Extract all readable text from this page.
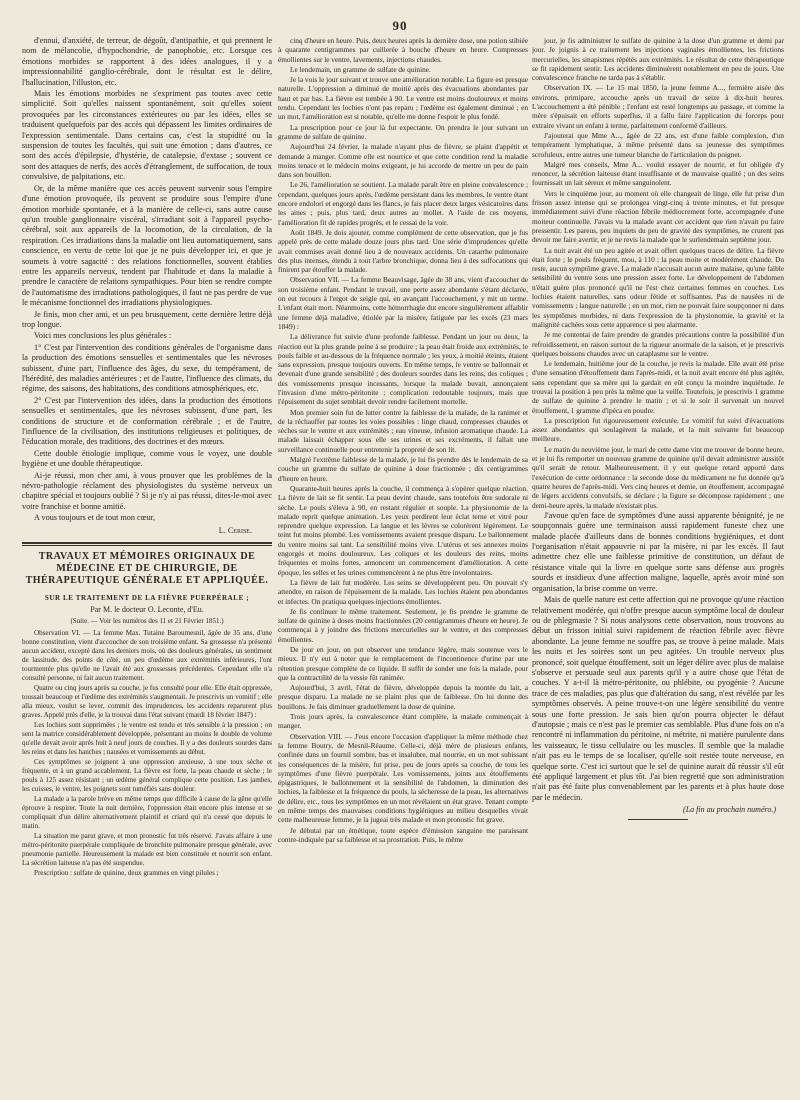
90

d'ennui, d'anxiété, de terreur, de dégoût, d'antipathie, et qui prennent le nom de mélancolie, d'hypochondrie, de panophobie, etc. Lorsque ces émotions morbides se rapportent à des idées analogues, il y a impressionnabilité ganglio-cérébrale, dont le résultat est le délire, l'hallucination, l'illusion, etc.

Mais les émotions morbides ne s'expriment pas toutes avec cette simplicité. Soit qu'elles naissent spontanément, soit qu'elles soient provoquées par les circonstances extérieures ou par les idées, elles se traduisent quelquefois par des accès qui dépassent les limites ordinaires de l'expression sentimentale. Dans certains cas, c'est la stupidité ou la suspension de toutes les facultés, qui suit une émotion ; dans d'autres, ce sont des accès d'épilepsie, d'hystérie, de catalepsie, d'extase ; souvent ce sont des attaques de nerfs, des accès d'étranglement, de suffocation, de toux convulsive, de palpitations, etc.

Or, de la même manière que ces accès peuvent survenir sous l'empire d'une émotion provoquée, ils peuvent se produire sous l'empire d'une émotion morbide spontanée, et à la manière de celle-ci, sans autre cause qu'un trouble ganglionnaire viscéral, s'irradiant soit à l'appareil psycho-cérébral, soit aux appareils de la locomotion, de la circulation, de la respiration. Ces irradiations dans la maladie ont lieu automatiquement, sans conscience, en vertu de cette loi que je ne puis développer ici, et que je soumets à votre sagacité : des relations fonctionnelles, souvent établies entre les appareils nerveux, tendent par l'habitude et dans la maladie à prendre le caractère de relations sympathiques. Pour bien se rendre compte de l'automatisme des irradiations pathologiques, il faut ne pas perdre de vue le mécanisme fonctionnel des irradiations physiologiques.

Je finis, mon cher ami, et un peu brusquement, cette dernière lettre déjà trop longue.

Voici mes conclusions les plus générales :

1° C'est par l'intervention des conditions générales de l'organisme dans la production des émotions sensuelles et sentimentales que les névroses subissent, d'une part, l'influence des âges, du sexe, du tempérament, de l'hérédité, des maladies antérieures ; et de l'autre, l'influence des climats, du régime, des saisons, des habitations, des conditions atmosphériques, etc.

2° C'est par l'intervention des idées, dans la production des émotions sensuelles et sentimentales, que les névroses subissent, d'une part, les conditions de structure et de conformation cérébrale ; et de l'autre, l'influence de la civilisation, des institutions religieuses et politiques, de l'éducation morale, des traditions, des doctrines et des mœurs.

Cette double étiologie implique, comme vous le voyez, une double hygiène et une double thérapeutique.

Ai-je réussi, mon cher ami, à vous prouver que les problèmes de la névro-pathologie réclament des physiologistes du système nerveux un chapitre spécial et toujours oublié ? Si je n'y ai pas réussi, dites-le-moi avec votre franchise et bonne amitié.

A vous toujours et de tout mon cœur,

L. Cerise.
TRAVAUX ET MÉMOIRES ORIGINAUX DE MÉDECINE ET DE CHIRURGIE, DE THÉRAPEUTIQUE GÉNÉRALE ET APPLIQUÉE.
SUR LE TRAITEMENT DE LA FIÈVRE PUERPÉRALE ;
Par M. le docteur O. Leconte, d'Eu.
(Suite. — Voir les numéros des 11 et 21 Février 1851.)

Observation VI. — La femme Max. Tutaine Baroumesnil, âgée de 35 ans, d'une bonne constitution, vient d'accoucher de son troisième enfant. Sa grossesse n'a présenté aucun accident, excepté dans les derniers mois, où des douleurs générales, un sentiment de lassitude, des points de côté, un peu d'œdème aux extrémités inférieures, l'ont tourmentée plus qu'elle ne l'avait été aux grossesses précédentes. Cependant elle n'a consulté personne, ni fait aucun traitement.

Quatre ou cinq jours après sa couche, je fus consulté pour elle. Elle était oppressée, toussait beaucoup et l'œdème des extrémités s'augmentait. Je prescrivis un vomitif ; elle alla mieux, voulut se lever, commit des imprudences, les accidents reparurent plus graves. Appelé près d'elle, je la trouvai dans l'état suivant (mardi 18 février 1847) :

Les lochies sont supprimées ; le ventre est tendu et très sensible à la pression ; on sent la matrice considérablement développée, présentant au moins le double de volume qu'elle devait avoir après huit à neuf jours de couches. Il y a des douleurs sourdes dans les reins et dans les hanches ; nausées et vomissements au début.

Ces symptômes se joignent à une oppression anxieuse, à une toux sèche et fréquente, et à un grand accablement. La fièvre est forte, la peau chaude et sèche ; le pouls à 125 assez résistant ; un œdème général complique cette position. Les jambes, les cuisses, le ventre, les poignets sont tuméfiés sans douleur.

La malade a la parole brève en même temps que difficile à cause de la gêne qu'elle éprouve à respirer. Toute la nuit dernière, l'oppression était encore plus intense et se compliquait d'un délire alternativement plaintif et criard qui n'a cessé que depuis le matin.

La situation me parut grave, et mon pronostic fut très réservé. J'avais affaire à une métro-péritonite puerpérale compliquée de bronchite pulmonaire presque générale, avec pneumonie partielle. Heureusement la malade est bien constituée et nourrit son enfant. La sécrétion laiteuse n'a pas été suspendue.

Prescription : sulfate de quinine, deux grammes en vingt pilules ;

cinq d'heure en heure. Puis, deux heures après la dernière dose, une potion stibiée à quarante centigrammes par cuillerée à bouche d'heure en heure. Compresses émollientes sur le ventre, lavements, injections chaudes.

Le lendemain, un gramme de sulfate de quinine.

Je la vois le jour suivant et trouve une amélioration notable. La figure est presque naturelle. L'oppression a diminué de moitié après des évacuations abondantes par haut et par bas. La fièvre est tombée à 90. Le ventre est moins douloureux et moins tendu. Cependant les lochies n'ont pas reparu ; l'œdème est également diminué ; en un mot, l'amélioration est si notable, qu'elle me donne l'espoir le plus fondé.

La prescription pour ce jour là fut expectante. On prendra le jour suivant un gramme de sulfate de quinine.

Aujourd'hui 24 février, la malade n'ayant plus de fièvre, se plaint d'appétit et demande à manger. Comme elle est nourrice et que cette condition rend la maladie moins tenace et le médecin moins exigeant, je lui accorde de mettre un peu de pain dans son bouillon.

Le 26, l'amélioration se soutient. La malade paraît être en pleine convalescence ; cependant, quelques jours après, l'œdème persistant dans les membres, le ventre étant encore endolori et engorgé dans les flancs, je fais placer deux larges vésicatoires dans les aines ; puis, plus tard, deux autres au mollet. A l'aide de ces moyens, l'amélioration fit de rapides progrès, et le cessai de la voir.

Août 1849. Je dois ajouter, comme complément de cette observation, que je fus appelé près de cette malade douze jours plus tard. Une série d'imprudences qu'elle avait commises avait donné lieu à de nouveaux accidents. Un catarrhe pulmonaire des plus intenses, étendu à tout l'arbre bronchique, donna lieu à des suffocations qui finirent par étouffer la malade.

Observation VII. — La femme Beauvisage, âgée de 38 ans, vient d'accoucher de son troisième enfant. Pendant le travail, une perte assez abondante s'étant déclarée, on eut recours à l'ergot de seigle qui, en avançant l'accouchement, y mit un terme. L'enfant était mort. Néanmoins, cette hémorrhagie dut encore singulièrement affaiblir une femme déjà maladive, étiolée par la misère, fatiguée par les excès (23 mars 1849) :

La délivrance fut suivie d'une profonde faiblesse. Pendant un jour ou deux, la réaction eut la plus grande peine à se produire ; la peau était froide aux extrémités, le pouls faible et au-dessous de la fréquence normale ; les yeux, à moitié éteints, étaient sans expression, presque toujours ouverts. En même temps, le ventre se ballonnait et devenait d'une grande sensibilité ; des douleurs sourdes dans les reins, des coliques ; des vomissements presque incessants, lorsque la malade buvait, annonçaient l'invasion d'une métro-péritonite ; complication redoutable toujours, mais que l'épuisement du sujet semblait devoir rendre facilement mortelle.

Mon premier soin fut de lutter contre la faiblesse de la malade, de la ranimer et de la réchauffer par toutes les voies possibles : linge chaud, compresses chaudes et sèches sur le ventre et aux extrémités ; eau vineuse, infusion aromatique chaude. La malade laissait échapper sous elle ses urines et ses excréments, il fallait une surveillance continuelle pour entretenir la propreté de son lit.

Malgré l'extrême faiblesse de la malade, je lui fis prendre dès le lendemain de sa couche un gramme du sulfate de quinine à dose fractionnée ; dix centigrammes d'heure en heure.

Quarante-huit heures après la couche, il commença à s'opérer quelque réaction. La fièvre de lait se fit sentir. La peau devint chaude, sans toutefois être sudorale ni sèche. Le pouls s'éleva à 90, en restant régulier et souple. La physionomie de la malade reprit quelque animation. Les yeux perdirent leur éclat terne et vitré pour reprendre quelque expression. La langue et les lèvres se colorèrent légèrement. Le teint fut moins plombé. Les vomissements avaient presque disparu. Le ballonnement du ventre moins sai tant. La sensibilité moins vive. L'utérus et ses annexes moins engorgés et moins douloureux. Les coliques et les douleurs des reins, moins fréquentes et moins fortes, annoncent un commencement d'amélioration. A cette époque, les selles et les urines commencèrent à ne plus être involontaires.

La fièvre de lait fut modérée. Les seins se développèrent peu. On pouvait s'y attendre, en raison de l'épuisement de la malade. Les lochies étaient peu abondantes et infectes. On pratiqua quelques injections émollientes.

Je fis continuer le même traitement. Seulement, je fis prendre le gramme de sulfate de quinine à doses moins fractionnées (20 centigrammes d'heure en heure). Je commençai à y joindre des frictions mercurielles sur le ventre, et des compresses émollientes.

De jour en jour, on put observer une tendance légère, mais soutenue vers le mieux. Il n'y eut à noter que le remplacement de l'incontinence d'urine par une rétention presque complète de ce liquide. Il suffit de sonder une fois la malade, pour que la contractilité de la vessie fût ranimée.

Aujourd'hui, 3 avril, l'état de fièvre, développée depuis la montée du lait, a presque disparu. La malade ne se plaint plus que de faiblesse. On lui donne des bouillons. Je fais diminuer graduellement la dose de quinine.

Trois jours après, la convalescence étant complète, la malade commençait à manger.

Observation VIII. — J'eus encore l'occasion d'appliquer la même méthode chez la femme Boutry, de Mesnil-Réaume. Celle-ci, déjà mère de plusieurs enfants, confinée dans un fournil sombre, bas et insalubre, mal nourrie, en un mot subissant les conséquences de la misère, fut prise, peu de jours après sa couche, de tous les symptômes d'une fièvre puerpérale. Les vomissements, joints aux étouffements épigastriques, le ballonnement et la sensibilité de l'abdomen, la diminution des lochies, la faiblesse et la fréquence du pouls, la sécheresse de la peau, les alternatives de délire, etc., tous les symptômes en un mot révélaient un état grave. Tenant compte en même temps des mauvaises conditions hygiéniques au milieu desquelles vivait cette malheureuse femme, je la jugeai très malade et mon pronostic fut grave.

Je débutai par un émétique, toute espèce d'émission sanguine me paraissant contre-indiquée par sa faiblesse et sa prostration. Puis, le même

jour, je fis administrer le sulfate de quinine à la dose d'un gramme et demi par jour. Je joignis à ce traitement les injections vaginales émollientes, les frictions mercurielles, les sinapismes répétés aux extrémités. Le résultat de cette thérapeutique se fit rapidement sentir. Les accidents diminuèrent notablement en peu de jours. Une convalescence franche ne tarda pas à s'établir.

Observation IX. — Le 15 mai 1850, la jeune femme A..., fermière aisée des environs, primipare, accouche après un travail de seize à dix-huit heures. L'accouchement a été pénible ; l'enfant est resté longtemps au passage, et comme la mère s'épuisait en efforts superflus, il a fallu faire l'application du forceps pour extraire vivant un enfant à terme, parfaitement conformé d'ailleurs.

J'ajouterai que Mme A..., âgée de 22 ans, est d'une faible complexion, d'un tempérament lymphatique, à même présenté dans sa jeunesse des symptômes scrofuleux, entre autres une tumeur blanche de l'articulation du poignet.

Malgré mes conseils, Mme A... voulut essayer de nourrir, et fut obligée d'y renoncer, la sécrétion laiteuse étant insuffisante et de mauvaise qualité ; un des seins fournissait un lait séreux et même sanguinolent.

Vers le cinquième jour, au moment où elle changeait de linge, elle fut prise d'un frisson assez intense qui se prolongea vingt-cinq à trente minutes, et fut presque immédiatement suivi d'une réaction fébrile médiocrement forte, accompagnée d'une moiteur continuelle. J'avais vu la malade avant cet accident que rien n'avait pu faire pressentir. Les pareus, peu inquiets du peu de gravité des symptômes, ne crurent pas devoir me faire avertir, et je ne revis la malade que le surlendemain septième jour.

La nuit avait été un peu agitée et avait offert quelques traces de délire. La fièvre était forte ; le pouls fréquent, mou, à 110 ; la peau moite et modérément chaude. Du reste, aucun symptôme grave. La malade n'accusait aucun autre malaise, qu'une faible sensibilité du ventre sous une pression assez forte. Le développement de l'abdomen n'était guère plus prononcé qu'il ne l'est chez certaines femmes en couches. Les lochies étaient naturelles, sans odeur fétide et suffisantes. Pas de nausées ni de vomissements ; langue naturelle ; en un mot, rien ne pouvait faire soupçonner ni dans les symptômes morbides, ni dans l'expression de la physionomie, la gravité et la malignité cachées sous cette apparence si peu alarmante.

Je me contentai de faire prendre de grandes précautions contre la possibilité d'un refroidissement, en raison surtout de la rigueur anormale de la saison, et je prescrivis quelques boissons chaudes avec un cataplasme sur le ventre.

Le lendemain, huitième jour de la couche, je revis la malade. Elle avait été prise d'une sensation d'étouffement dans l'après-midi, et la nuit avait encore été plus agitée, sans cependant que sa mère qui la gardait en eût conçu la moindre inquiétude. Je trouvai la position à peu près la même que la veille. Toutefois, je prescrivis 1 gramme de sulfate de quinine à prendre le matin ; et si le soir il survenait un nouvel étouffement, 1 gramme d'ipéca en poudre.

La prescription fut rigoureusement exécutée. Le vomitif fut suivi d'évacuations assez abondantes qui soulagèrent la malade, et la nuit suivante fut beaucoup meilleure.

Le matin du neuvième jour, le mari de cette dame vint me trouver de bonne heure, et je lui fis remporter un nouveau gramme de quinine qu'il devait administrer aussitôt qu'il serait de retour. Malheureusement, il y eut quelque retard apporté dans l'exécution de cette ordonnance : la seconde dose du médicament ne fut donnée qu'à quatre heures de l'après-midi. Vers cinq heures et demie, un étouffement, accompagné de légers accidents convulsifs, se déclare ; la figure se décompose rapidement ; une demi-heure après, la malade n'existait plus.

J'avoue qu'en face de symptômes d'une aussi apparente bénignité, je ne soupçonnais guère une terminaison aussi rapidement funeste chez une malade placée d'ailleurs dans de bonnes conditions hygiéniques, et dont l'organisation n'était appauvrie ni par la misère, ni par les excès. Il faut admettre chez elle une faiblesse primitive de constitution, un défaut de résistance vitale qui la livre en quelque sorte sans défense aux progrès sourds et insidieux d'une affection maligne, laquelle, après avoir miné son organisation, la brise comme un verre.

Mais de quelle nature est cette affection qui ne provoque qu'une réaction relativement modérée, qui n'offre presque aucun symptôme local de douleur ou de phlegmasie ? Si nous analysons cette observation, nous trouvons au début un frisson initial suivi rapidement de réaction fébrile avec fièvre abondante. La jeune femme ne souffre pas, se trouve à peine malade. Mais les nuits et les soirées sont un peu agitées. Un trouble nerveux plus prononcé, soit quelque étouffement, soit un léger délire avec plus de malaise s'observe et persuade seul aux parents qu'il y a autre chose que l'état de couches. Y a-t-il là métro-péritonite, ou phlébite, ou pyogénie ? Aucune trace de ces maladies, pas plus que d'altération du sang, n'est révélée par les symptômes observés. A peine trouve-t-on une légère sensibilité du ventre sous une forte pression. Je sais bien qu'on pourra objecter le défaut d'autopsie ; mais ce n'est pas le premier cas semblable. Plus d'une fois on n'a rencontré ni inflammation du péritoine, ni métrite, ni matière purulente dans les vaisseaux, le tissu cellulaire ou les muscles. Il semble que la maladie n'ait pas eu le temps de se localiser, qu'elle soit restée toute nerveuse, en quelque sorte. C'est ici surtout que le sel de quinine aurait dû réussir s'il eût été appliqué largement et plus tôt. J'ai bien regretté que son administration n'ait pas été faite plus convenablement par les parents et à plus haute dose par le médecin.

(La fin au prochain numéro.)
